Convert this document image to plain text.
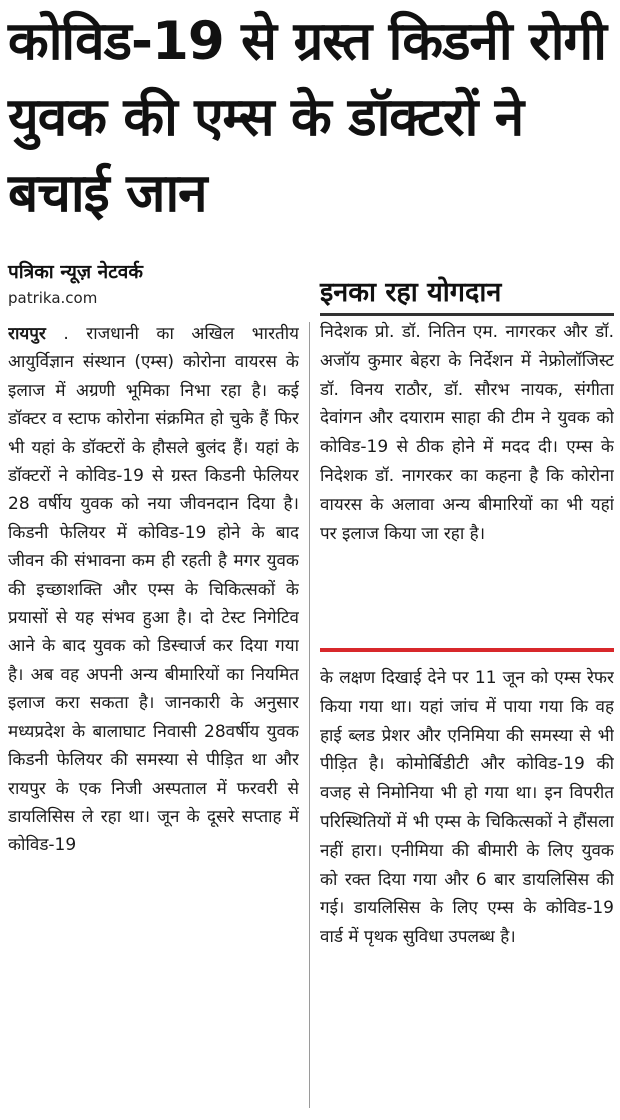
कोविड-19 से ग्रस्त किडनी रोगी युवक की एम्स के डॉक्टरों ने बचाई जान
पत्रिका न्यूज़ नेटवर्क
patrika.com
रायपुर . राजधानी का अखिल भारतीय आयुर्विज्ञान संस्थान (एम्स) कोरोना वायरस के इलाज में अग्रणी भूमिका निभा रहा है। कई डॉक्टर व स्टाफ कोरोना संक्रमित हो चुके हैं फिर भी यहां के डॉक्टरों के हौसले बुलंद हैं। यहां के डॉक्टरों ने कोविड-19 से ग्रस्त किडनी फेलियर 28 वर्षीय युवक को नया जीवनदान दिया है। किडनी फेलियर में कोविड-19 होने के बाद जीवन की संभावना कम ही रहती है मगर युवक की इच्छाशक्ति और एम्स के चिकित्सकों के प्रयासों से यह संभव हुआ है। दो टेस्ट निगेटिव आने के बाद युवक को डिस्चार्ज कर दिया गया है। अब वह अपनी अन्य बीमारियों का नियमित इलाज करा सकता है। जानकारी के अनुसार मध्यप्रदेश के बालाघाट निवासी 28वर्षीय युवक किडनी फेलियर की समस्या से पीड़ित था और रायपुर के एक निजी अस्पताल में फरवरी से डायलिसिस ले रहा था। जून के दूसरे सप्ताह में कोविड-19
इनका रहा योगदान
निदेशक प्रो. डॉ. नितिन एम. नागरकर और डॉ. अजॉय कुमार बेहरा के निर्देशन में नेफ्रोलॉजिस्ट डॉ. विनय राठौर, डॉ. सौरभ नायक, संगीता देवांगन और दयाराम साहा की टीम ने युवक को कोविड-19 से ठीक होने में मदद दी। एम्स के निदेशक डॉ. नागरकर का कहना है कि कोरोना वायरस के अलावा अन्य बीमारियों का भी यहां पर इलाज किया जा रहा है।
के लक्षण दिखाई देने पर 11 जून को एम्स रेफर किया गया था। यहां जांच में पाया गया कि वह हाई ब्लड प्रेशर और एनिमिया की समस्या से भी पीड़ित है। कोमोर्बिडीटी और कोविड-19 की वजह से निमोनिया भी हो गया था। इन विपरीत परिस्थितियों में भी एम्स के चिकित्सकों ने हौंसला नहीं हारा। एनीमिया की बीमारी के लिए युवक को रक्त दिया गया और 6 बार डायलिसिस की गई। डायलिसिस के लिए एम्स के कोविड-19 वार्ड में पृथक सुविधा उपलब्ध है।
